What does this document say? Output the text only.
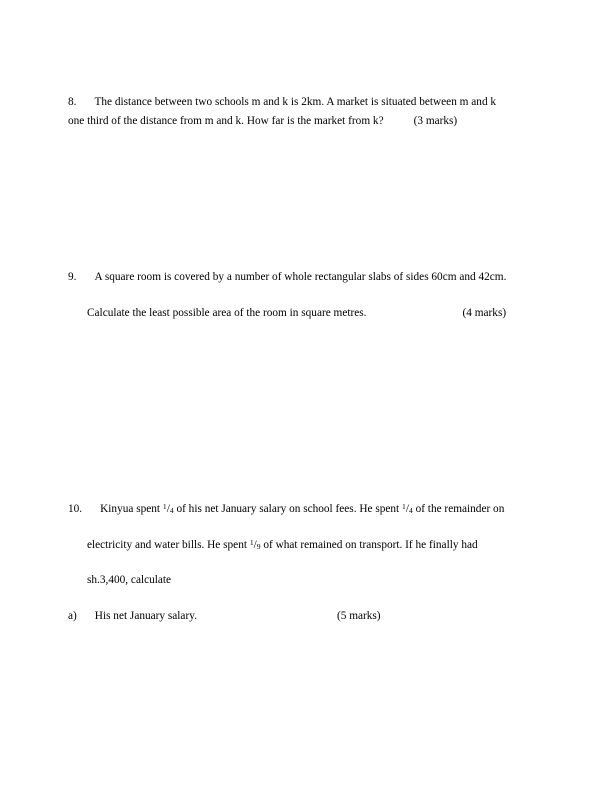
8. The distance between two schools m and k is 2km. A market is situated between m and k
one third of the distance from m and k. How far is the market from k?	(3 marks)
9. A square room is covered by a number of whole rectangular slabs of sides 60cm and 42cm.
Calculate the least possible area of the room in square metres.	(4 marks)
10. Kinyua spent $^1$/4 of his net January salary on school fees. He spent $^1$/4 of the remainder on
electricity and water bills. He spent $^1$/9 of what remained on transport. If he finally had
sh.3,400, calculate
a) His net January salary.	(5 marks)
